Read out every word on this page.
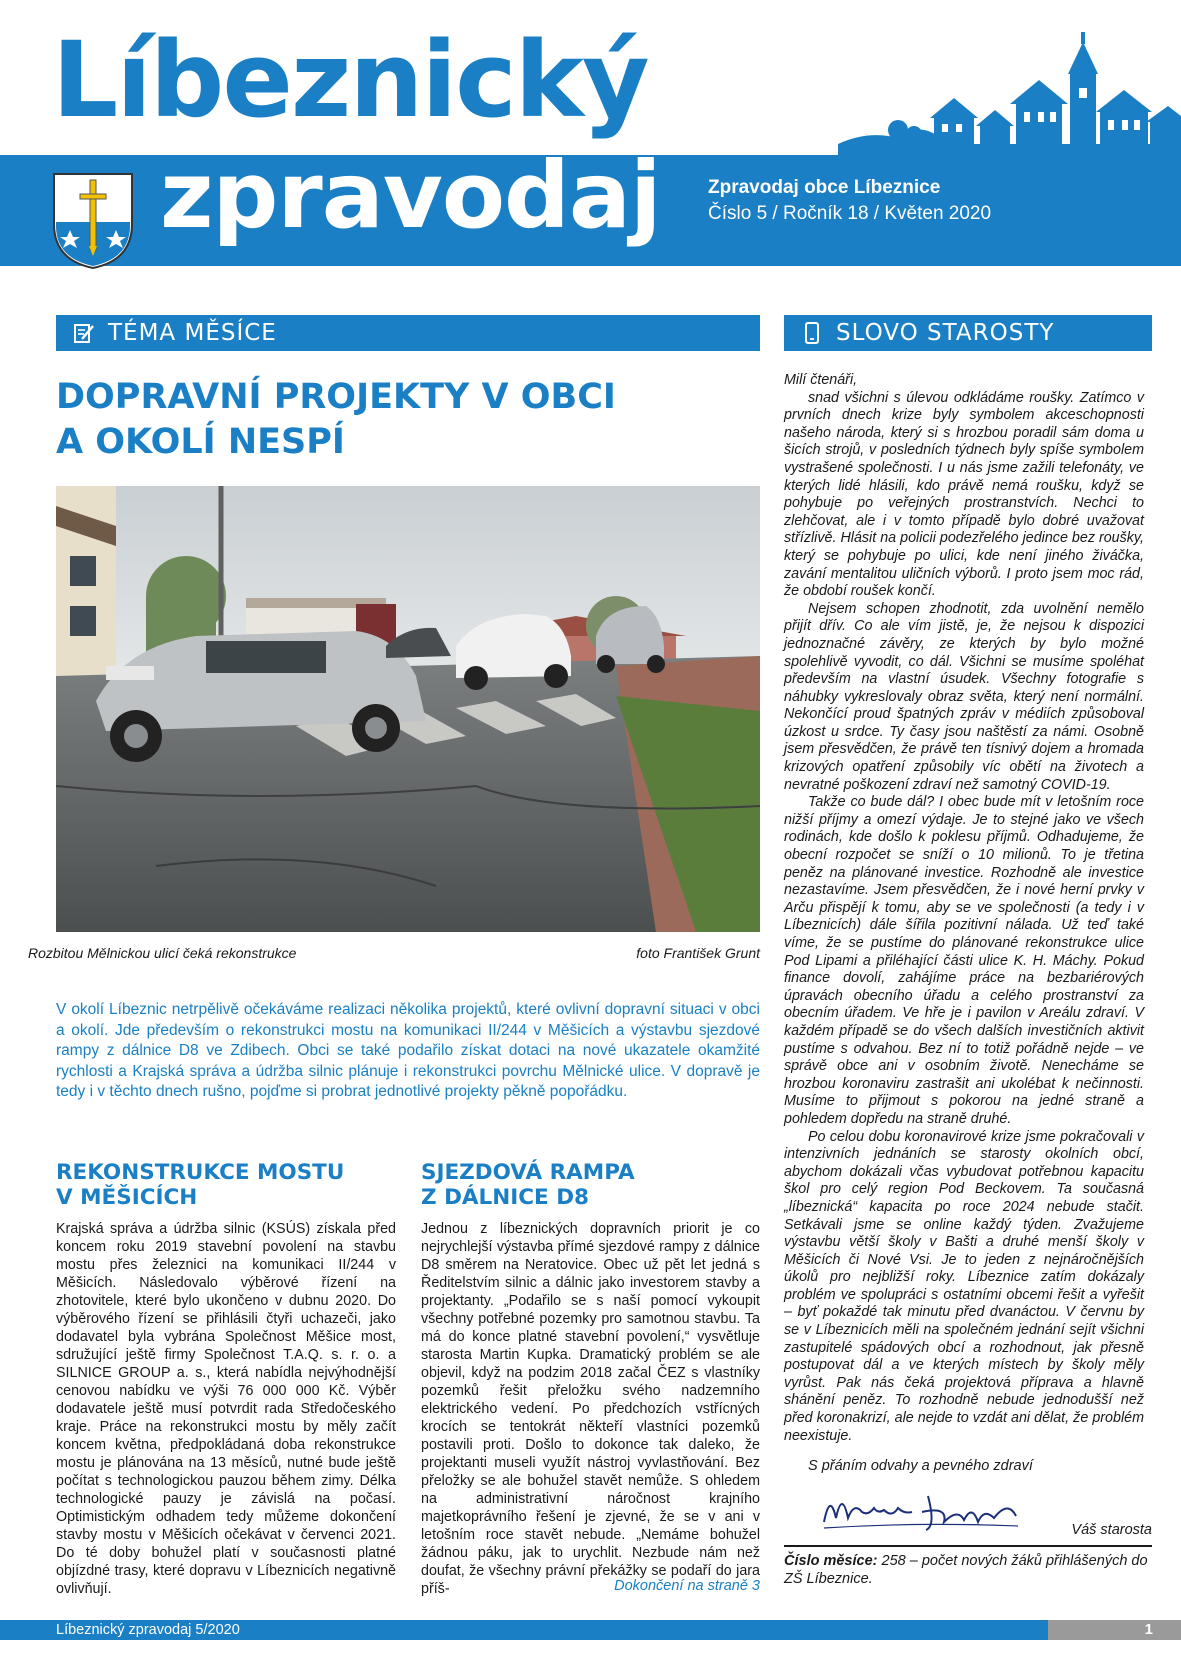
Líbeznický
zpravodaj Zpravodaj obce Líbeznice
Číslo 5 / Ročník 18 / Květen 2020
TÉMA MĚSÍCE	SLOVO STAROSTY
DOPRAVNÍ PROJEKTY V OBCI
A OKOLÍ NESPÍ
Rozbitou Mělnickou ulicí čeká rekonstrukce	foto František Grunt
V okolí Líbeznic netrpělivě očekáváme realizaci několika projektů, které ovlivní dopravní situaci v obci a okolí. Jde především o rekonstrukci mostu na komunikaci II/244 v Měšicích a výstavbu sjezdové rampy z dálnice D8 ve Zdibech. Obci se také podařilo získat dotaci na nové ukazatele okamžité rychlosti a Krajská správa a údržba silnic plánuje i rekonstrukci povrchu Mělnické ulice. V dopravě je tedy i v těchto dnech rušno, pojďme si probrat jednotlivé projekty pěkně popořádku.
REKONSTRUKCE MOSTU
V MĚŠICÍCH
Krajská správa a údržba silnic (KSÚS) získala před koncem roku 2019 stavební povolení na stavbu mostu přes železnici na komunikaci II/244 v Měšicích. Následovalo výběrové řízení na zhotovitele, které bylo ukončeno v dubnu 2020. Do výběrového řízení se přihlásili čtyři uchazeči, jako dodavatel byla vybrána Společnost Měšice most, sdružující ještě firmy Společnost T.A.Q. s. r. o. a SILNICE GROUP a. s., která nabídla nejvýhodnější cenovou nabídku ve výši 76 000 000 Kč. Výběr dodavatele ještě musí potvrdit rada Středočeského kraje. Práce na rekonstrukci mostu by měly začít koncem května, předpokládaná doba rekonstrukce mostu je plánována na 13 měsíců, nutné bude ještě počítat s technologickou pauzou během zimy. Délka technologické pauzy je závislá na počasí. Optimistickým odhadem tedy můžeme dokončení stavby mostu v Měšicích očekávat v červenci 2021. Do té doby bohužel platí v současnosti platné objízdné trasy, které dopravu v Líbeznicích negativně ovlivňují.
SJEZDOVÁ RAMPA
Z DÁLNICE D8
Jednou z líbeznických dopravních priorit je co nejrychlejší výstavba přímé sjezdové rampy z dálnice D8 směrem na Neratovice. Obec už pět let jedná s Ředitelstvím silnic a dálnic jako investorem stavby a projektanty. „Podařilo se s naší pomocí vykoupit všechny potřebné pozemky pro samotnou stavbu. Ta má do konce platné stavební povolení,“ vysvětluje starosta Martin Kupka. Dramatický problém se ale objevil, když na podzim 2018 začal ČEZ s vlastníky pozemků řešit přeložku svého nadzemního elektrického vedení. Po předchozích vstřícných krocích se tentokrát někteří vlastníci pozemků postavili proti. Došlo to dokonce tak daleko, že projektanti museli využít nástroj vyvlastňování. Bez přeložky se ale bohužel stavět nemůže. S ohledem na administrativní náročnost krajního majetkoprávního řešení je zjevné, že se v ani v letošním roce stavět nebude. „Nemáme bohužel žádnou páku, jak to urychlit. Nezbude nám než doufat, že všechny právní překážky se podaří do jara příš-	Dokončení na straně 3

Milí čtenáři,

snad všichni s úlevou odkládáme roušky. Zatímco v prvních dnech krize byly symbolem akceschopnosti našeho národa, který si s hrozbou poradil sám doma u šicích strojů, v posledních týdnech byly spíše symbolem vystrašené společnosti. I u nás jsme zažili telefonáty, ve kterých lidé hlásili, kdo právě nemá roušku, když se pohybuje po veřejných prostranstvích. Nechci to zlehčovat, ale i v tomto případě bylo dobré uvažovat střízlivě. Hlásit na policii podezřelého jedince bez roušky, který se pohybuje po ulici, kde není jiného živáčka, zavání mentalitou uličních výborů. I proto jsem moc rád, že období roušek končí.

Nejsem schopen zhodnotit, zda uvolnění nemělo přijít dřív. Co ale vím jistě, je, že nejsou k dispozici jednoznačné závěry, ze kterých by bylo možné spolehlivě vyvodit, co dál. Všichni se musíme spoléhat především na vlastní úsudek. Všechny fotografie s náhubky vykreslovaly obraz světa, který není normální. Nekončící proud špatných zpráv v médiích způsoboval úzkost u srdce. Ty časy jsou naštěstí za námi. Osobně jsem přesvědčen, že právě ten tísnivý dojem a hromada krizových opatření způsobily víc obětí na životech a nevratné poškození zdraví než samotný COVID-19.

Takže co bude dál? I obec bude mít v letošním roce nižší příjmy a omezí výdaje. Je to stejné jako ve všech rodinách, kde došlo k poklesu příjmů. Odhadujeme, že obecní rozpočet se sníží o 10 milionů. To je třetina peněz na plánované investice. Rozhodně ale investice nezastavíme. Jsem přesvědčen, že i nové herní prvky v Arču přispějí k tomu, aby se ve společnosti (a tedy i v Líbeznicích) dále šířila pozitivní nálada. Už teď také víme, že se pustíme do plánované rekonstrukce ulice Pod Lipami a přiléhající části ulice K. H. Máchy. Pokud finance dovolí, zahájíme práce na bezbariérových úpravách obecního úřadu a celého prostranství za obecním úřadem. Ve hře je i pavilon v Areálu zdraví. V každém případě se do všech dalších investičních aktivit pustíme s odvahou. Bez ní to totiž pořádně nejde – ve správě obce ani v osobním životě. Nenecháme se hrozbou koronaviru zastrašit ani ukolébat k nečinnosti. Musíme to přijmout s pokorou na jedné straně a pohledem dopředu na straně druhé.

Po celou dobu koronavirové krize jsme pokračovali v intenzivních jednáních se starosty okolních obcí, abychom dokázali včas vybudovat potřebnou kapacitu škol pro celý region Pod Beckovem. Ta současná „líbeznická“ kapacita po roce 2024 nebude stačit. Setkávali jsme se online každý týden. Zvažujeme výstavbu větší školy v Bašti a druhé menší školy v Měšicích či Nové Vsi. Je to jeden z nejnáročnějších úkolů pro nejbližší roky. Líbeznice zatím dokázaly problém ve spolupráci s ostatními obcemi řešit a vyřešit – byť pokaždé tak minutu před dvanáctou. V červnu by se v Líbeznicích měli na společném jednání sejít všichni zastupitelé spádových obcí a rozhodnout, jak přesně postupovat dál a ve kterých místech by školy měly vyrůst. Pak nás čeká projektová příprava a hlavně shánění peněz. To rozhodně nebude jednodušší než před koronakrizí, ale nejde to vzdát ani dělat, že problém neexistuje.

S přáním odvahy a pevného zdraví
Váš starosta
Číslo měsíce: 258 – počet nových žáků přihlášených do ZŠ Líbeznice.
Líbeznický zpravodaj 5/2020	1
